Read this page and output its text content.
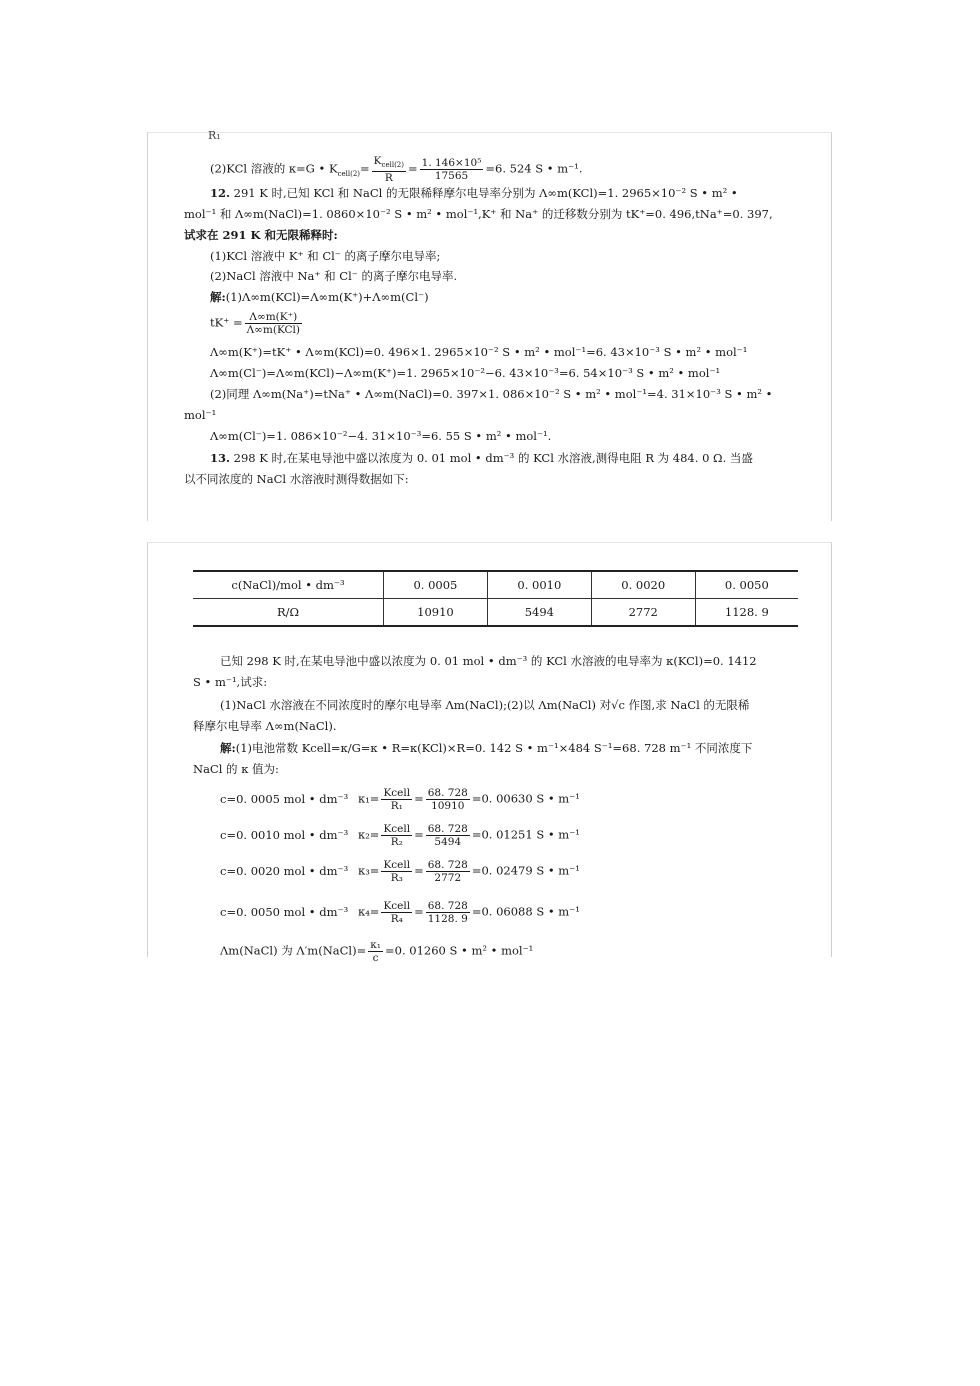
R₁
(2)KCl 溶液的 κ=G • $K_{cell(2)}= \frac{K_{cell(2)}}{R} = \frac{\text{1. 146×10⁵}}{17565} =6$. 524 S • m⁻¹.
12. 291 K 时,已知 KCl 和 NaCl 的无限稀释摩尔电导率分别为 Λ∞m(KCl)=1. 2965×10⁻² S • m² •
mol⁻¹ 和 Λ∞m(NaCl)=1. 0860×10⁻² S • m² • mol⁻¹,K⁺ 和 Na⁺ 的迁移数分别为 tK⁺=0. 496,tNa⁺=0. 397,
试求在 291 K 和无限稀释时:
(1)KCl 溶液中 K⁺ 和 Cl⁻ 的离子摩尔电导率;
(2)NaCl 溶液中 Na⁺ 和 Cl⁻ 的离子摩尔电导率.
解:(1)Λ∞m(KCl)=Λ∞m(K⁺)+Λ∞m(Cl⁻)
$tK^+ = \frac{\Lambda\infty m(K^+)}{\text{Λ∞m(KCl)}}$
Λ∞m(K⁺)=tK⁺ • Λ∞m(KCl)=0. 496×1. 2965×10⁻² S • m² • mol⁻¹=6. 43×10⁻³ S • m² • mol⁻¹
Λ∞m(Cl⁻)=Λ∞m(KCl)−Λ∞m(K⁺)=1. 2965×10⁻²−6. 43×10⁻³=6. 54×10⁻³ S • m² • mol⁻¹
(2)同理 Λ∞m(Na⁺)=tNa⁺ • Λ∞m(NaCl)=0. 397×1. 086×10⁻² S • m² • mol⁻¹=4. 31×10⁻³ S • m² •
mol⁻¹
Λ∞m(Cl⁻)=1. 086×10⁻²−4. 31×10⁻³=6. 55 S • m² • mol⁻¹.
13. 298 K 时,在某电导池中盛以浓度为 0. 01 mol • dm⁻³ 的 KCl 水溶液,测得电阻 R 为 484. 0 Ω. 当盛
以不同浓度的 NaCl 水溶液时测得数据如下:
c(NaCl)/mol • dm⁻³	0. 0005	0. 0010	0. 0020	0. 0050
R/Ω	10910	5494	2772	1128. 9
已知 298 K 时,在某电导池中盛以浓度为 0. 01 mol • dm⁻³ 的 KCl 水溶液的电导率为 κ(KCl)=0. 1412
S • m⁻¹,试求:
(1)NaCl 水溶液在不同浓度时的摩尔电导率 Λm(NaCl);(2)以 Λm(NaCl) 对√c 作图,求 NaCl 的无限稀
释摩尔电导率 Λ∞m(NaCl).
解:(1)电池常数 Kcell=κ/G=κ • R=κ(KCl)×R=0. 142 S • m⁻¹×484 S⁻¹=68. 728 m⁻¹ 不同浓度下
NaCl 的 κ 值为:
c=0. 0005 mol • dm⁻³ $\kappa_1= \frac{\text{Kcell}}{\text{R₁}} = \frac{68. 728}{10910} =0$. 00630 S • m⁻¹
c=0. 0010 mol • dm⁻³ $\kappa_2= \frac{\text{Kcell}}{\text{R₂}} = \frac{68. 728}{5494} =0$. 01251 S • m⁻¹
c=0. 0020 mol • dm⁻³ $\kappa_3= \frac{\text{Kcell}}{\text{R₃}} = \frac{68. 728}{2772} =0$. 02479 S • m⁻¹
c=0. 0050 mol • dm⁻³ $\kappa_4= \frac{\text{Kcell}}{\text{R₄}} = \frac{68. 728}{1128. 9} =0$. 06088 S • m⁻¹
Λm(NaCl) 为 Λ′m(NaCl)= $\frac{\text{κ₁}}{c} =0$. 01260 S • m² • mol⁻¹
